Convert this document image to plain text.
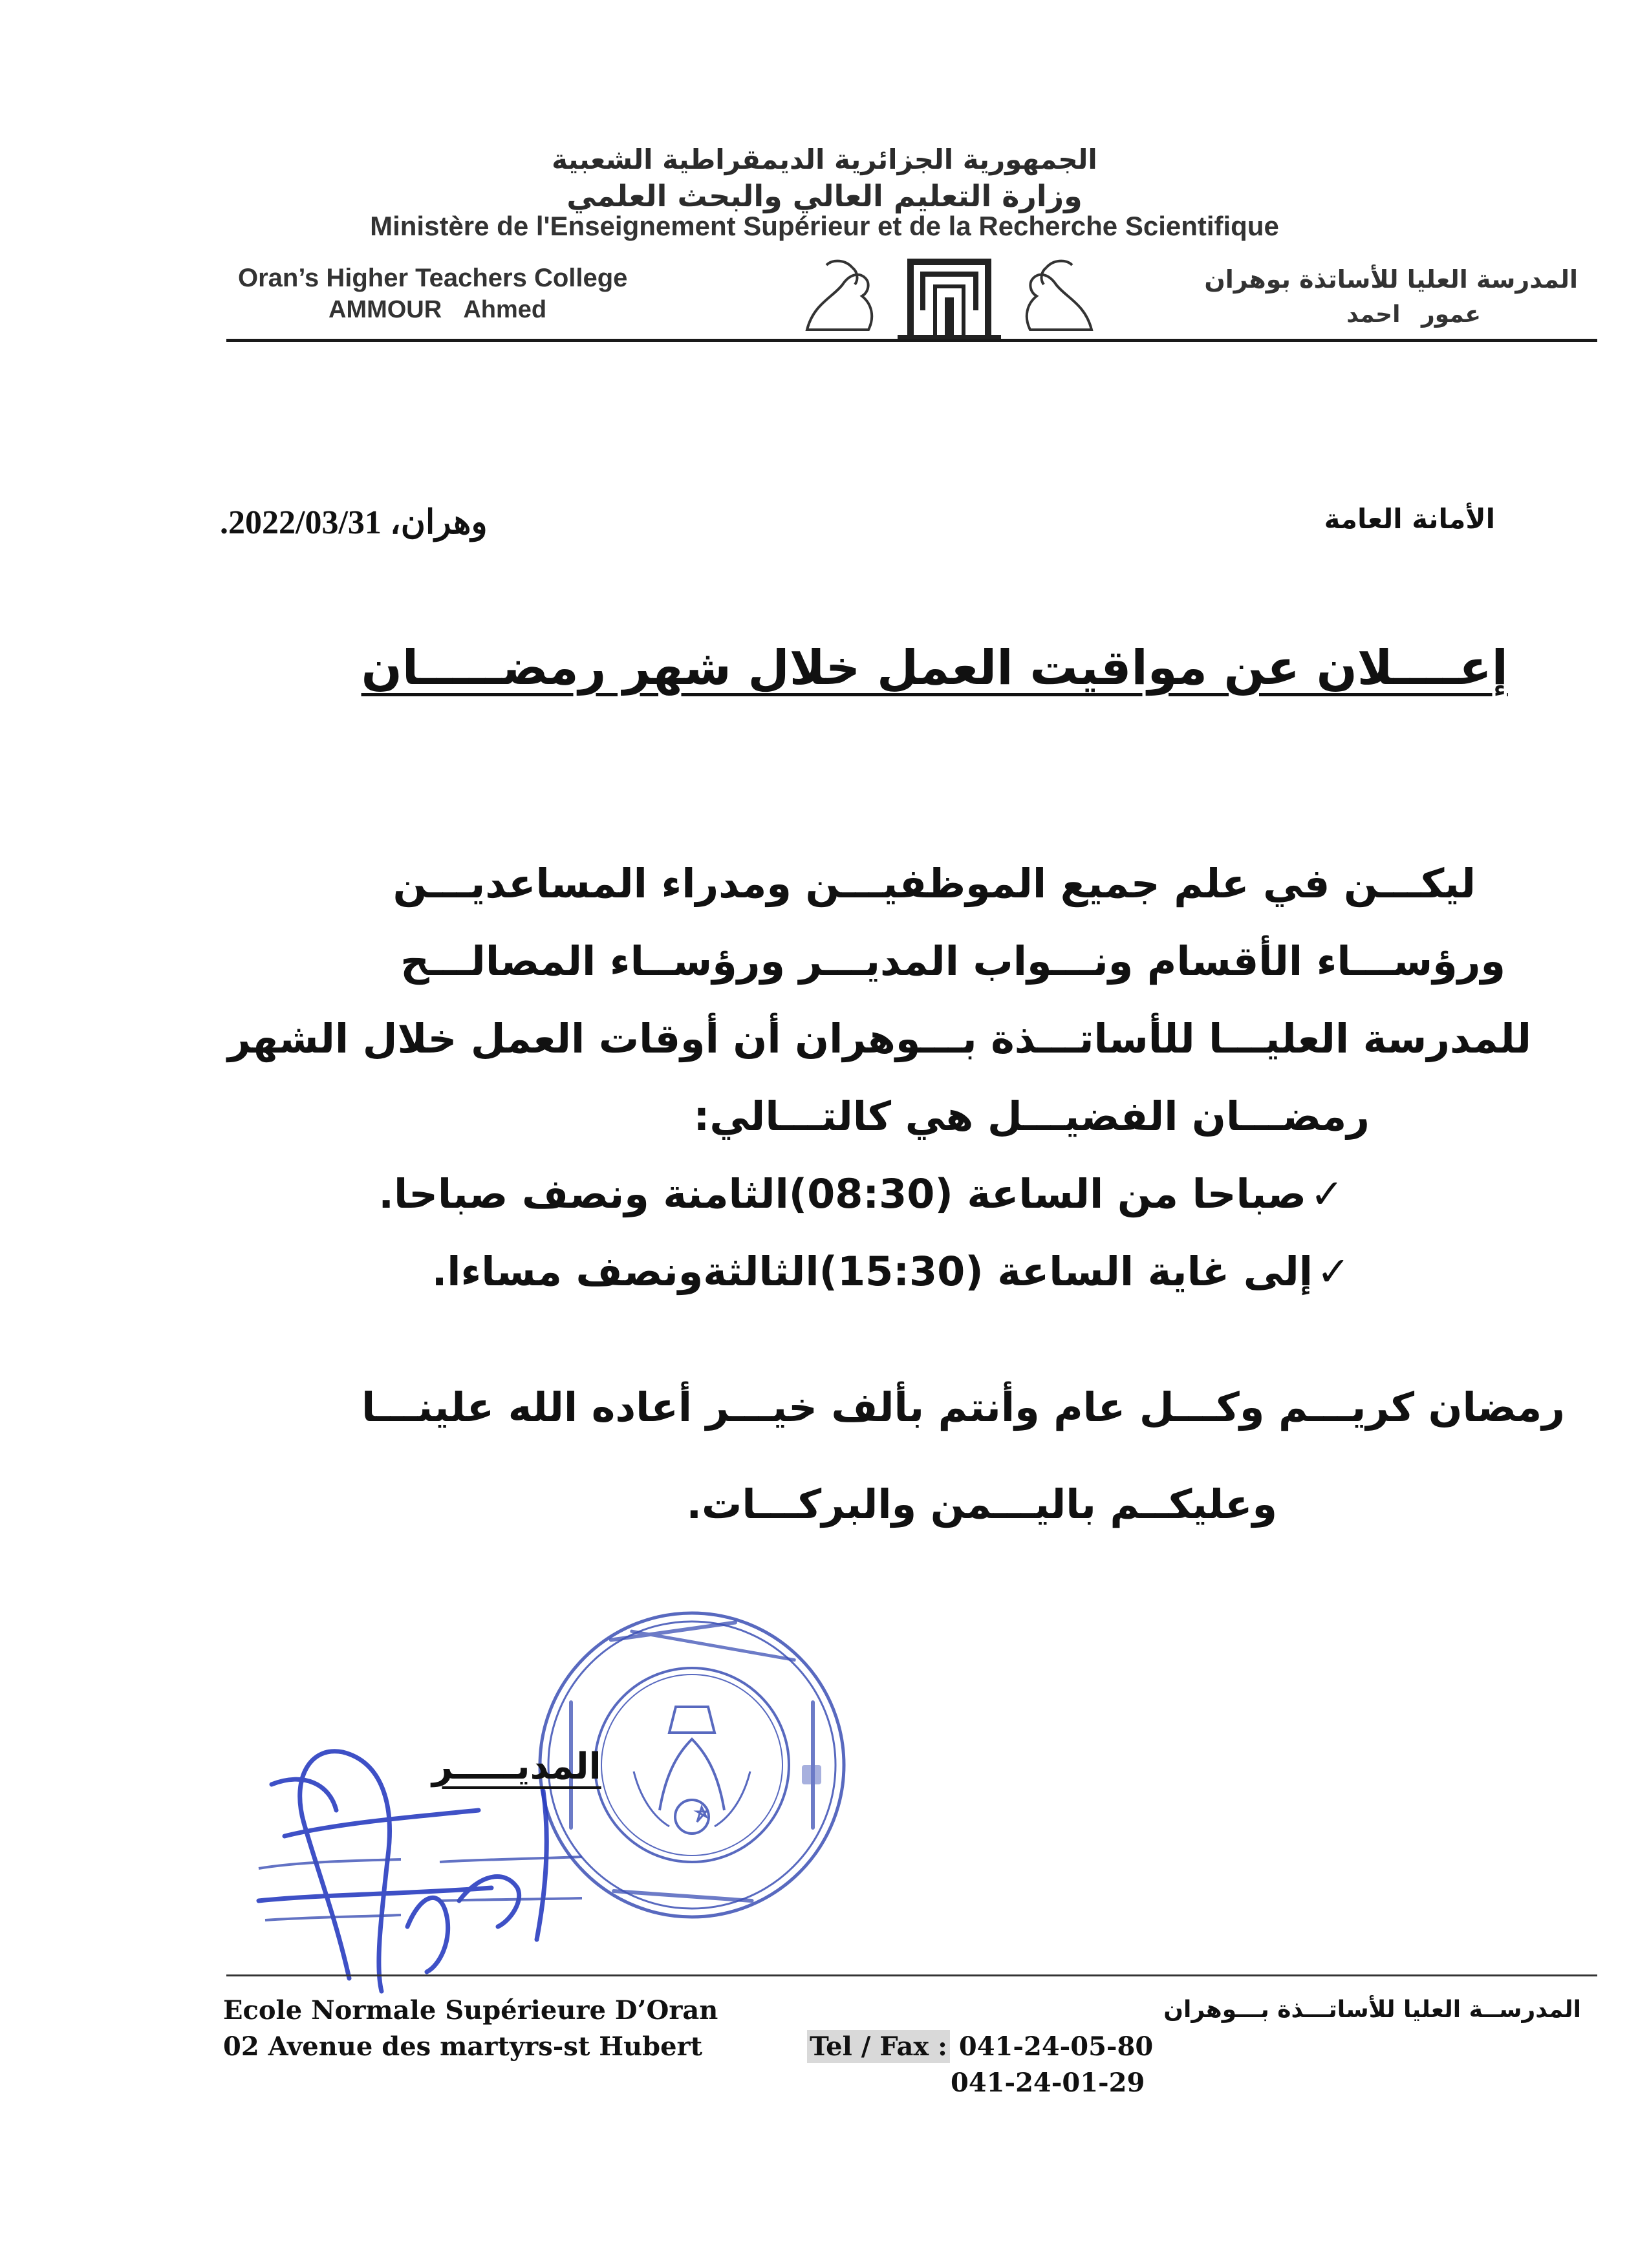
الجمهورية الجزائرية الديمقراطية الشعبية
وزارة التعليم العالي والبحث العلمي
Ministère de l'Enseignement Supérieur et de la Recherche Scientifique
Oran’s Higher Teachers College
AMMOUR Ahmed
المدرسة العليا للأساتذة بوهران
عمور احمد
الأمانة العامة
وهران، 2022/03/31.
إعــــلان عن مواقيت العمل خلال شهر رمضـــــان
ليكـــن في علم جميع الموظفيـــن ومدراء المساعديـــن
ورؤســـاء الأقسام ونـــواب المديـــر ورؤســاء المصالـــح
للمدرسة العليـــا للأساتـــذة بـــوهران أن أوقات العمل خلال الشهر
رمضـــان الفضيـــل هي كالتـــالي:
✓صباحا من الساعة (08:30)الثامنة ونصف صباحا.
✓إلى غاية الساعة (15:30)الثالثةونصف مساءا.
رمضان كريـــم وكـــل عام وأنتم بألف خيـــر أعاده الله علينـــا
وعليكــم باليـــمن والبركـــات.
المديـــــر
Ecole Normale Supérieure D’Oran
02 Avenue des martyrs-st Hubert	Tel / Fax : 041-24-05-80
041-24-01-29
المدرســة العليا للأساتـــذة بـــوهران
